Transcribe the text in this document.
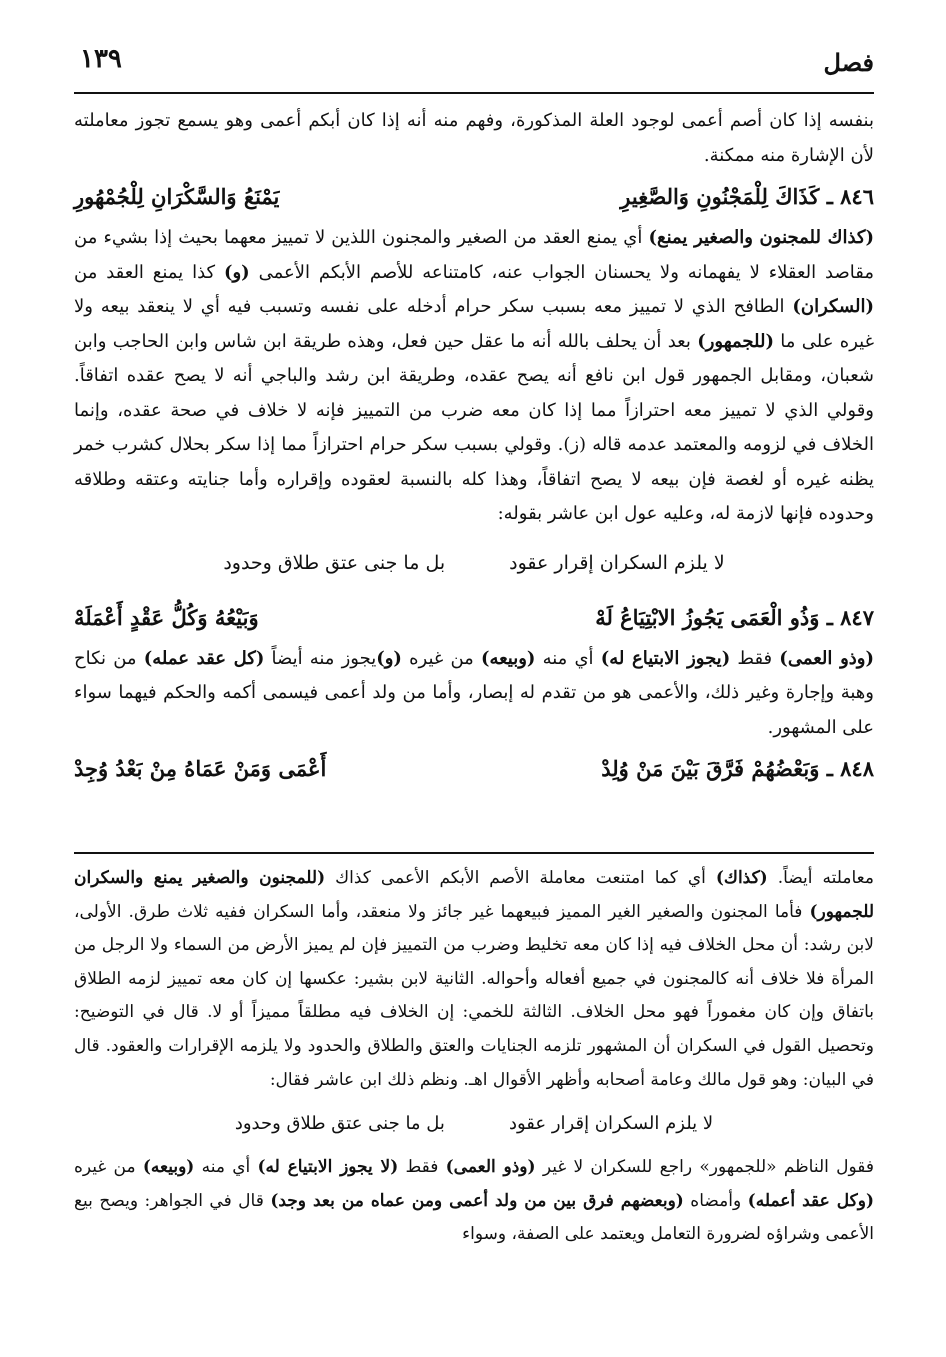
فصل
١٣٩

بنفسه إذا كان أصم أعمى لوجود العلة المذكورة، وفهم منه أنه إذا كان أبكم أعمى وهو يسمع تجوز معاملته لأن الإشارة منه ممكنة.

٨٤٦ ـ كَذَاكَ لِلْمَجْنُونِ وَالصَّغِيرِ
يَمْنَعُ وَالسَّكْرَانِ لِلْجُمْهُورِ

(كذاك للمجنون والصغير يمنع) أي يمنع العقد من الصغير والمجنون اللذين لا تمييز معهما بحيث إذا بشيء من مقاصد العقلاء لا يفهمانه ولا يحسنان الجواب عنه، كامتناعه للأصم الأبكم الأعمى (و) كذا يمنع العقد من (السكران) الطافح الذي لا تمييز معه بسبب سكر حرام أدخله على نفسه وتسبب فيه أي لا ينعقد بيعه ولا غيره على ما (للجمهور) بعد أن يحلف بالله أنه ما عقل حين فعل، وهذه طريقة ابن شاس وابن الحاجب وابن شعبان، ومقابل الجمهور قول ابن نافع أنه يصح عقده، وطريقة ابن رشد والباجي أنه لا يصح عقده اتفاقاً. وقولي الذي لا تمييز معه احترازاً مما إذا كان معه ضرب من التمييز فإنه لا خلاف في صحة عقده، وإنما الخلاف في لزومه والمعتمد عدمه قاله (ز). وقولي بسبب سكر حرام احترازاً مما إذا سكر بحلال كشرب خمر يظنه غيره أو لغصة فإن بيعه لا يصح اتفاقاً، وهذا كله بالنسبة لعقوده وإقراره وأما جنايته وعتقه وطلاقه وحدوده فإنها لازمة له، وعليه عول ابن عاشر بقوله:

لا يلزم السكران إقرار عقود
بل ما جنى عتق طلاق وحدود
٨٤٧ ـ وَذُو الْعَمَى يَجُوزُ الابْتِيَاعُ لَهْ
وَبَيْعُهُ وَكُلُّ عَقْدٍ أَعْمَلَهْ

(وذو العمى) فقط (يجوز الابتياع له) أي منه (وبيعه) من غيره (و)يجوز منه أيضاً (كل عقد عمله) من نكاح وهبة وإجارة وغير ذلك، والأعمى هو من تقدم له إبصار، وأما من ولد أعمى فيسمى أكمه والحكم فيهما سواء على المشهور.

٨٤٨ ـ وَبَعْضُهُمْ فَرَّقَ بَيْنَ مَنْ وُلِدْ
أَعْمَى وَمَنْ عَمَاهُ مِنْ بَعْدُ وُجِدْ

معاملته أيضاً. (كذاك) أي كما امتنعت معاملة الأصم الأبكم الأعمى كذاك (للمجنون والصغير يمنع والسكران للجمهور) فأما المجنون والصغير الغير المميز فبيعهما غير جائز ولا منعقد، وأما السكران ففيه ثلاث طرق. الأولى، لابن رشد: أن محل الخلاف فيه إذا كان معه تخليط وضرب من التمييز فإن لم يميز الأرض من السماء ولا الرجل من المرأة فلا خلاف أنه كالمجنون في جميع أفعاله وأحواله. الثانية لابن بشير: عكسها إن كان معه تمييز لزمه الطلاق باتفاق وإن كان مغموراً فهو محل الخلاف. الثالثة للخمي: إن الخلاف فيه مطلقاً مميزاً أو لا. قال في التوضيح: وتحصيل القول في السكران أن المشهور تلزمه الجنايات والعتق والطلاق والحدود ولا يلزمه الإقرارات والعقود. قال في البيان: وهو قول مالك وعامة أصحابه وأظهر الأقوال اهـ. ونظم ذلك ابن عاشر فقال:

لا يلزم السكران إقرار عقود
بل ما جنى عتق طلاق وحدود

فقول الناظم «للجمهور» راجع للسكران لا غير (وذو العمى) فقط (لا يجوز الابتياع له) أي منه (وبيعه) من غيره (وكل عقد أعمله) وأمضاه (وبعضهم فرق بين من ولد أعمى ومن عماه من بعد وجد) قال في الجواهر: ويصح بيع الأعمى وشراؤه لضرورة التعامل ويعتمد على الصفة، وسواء
